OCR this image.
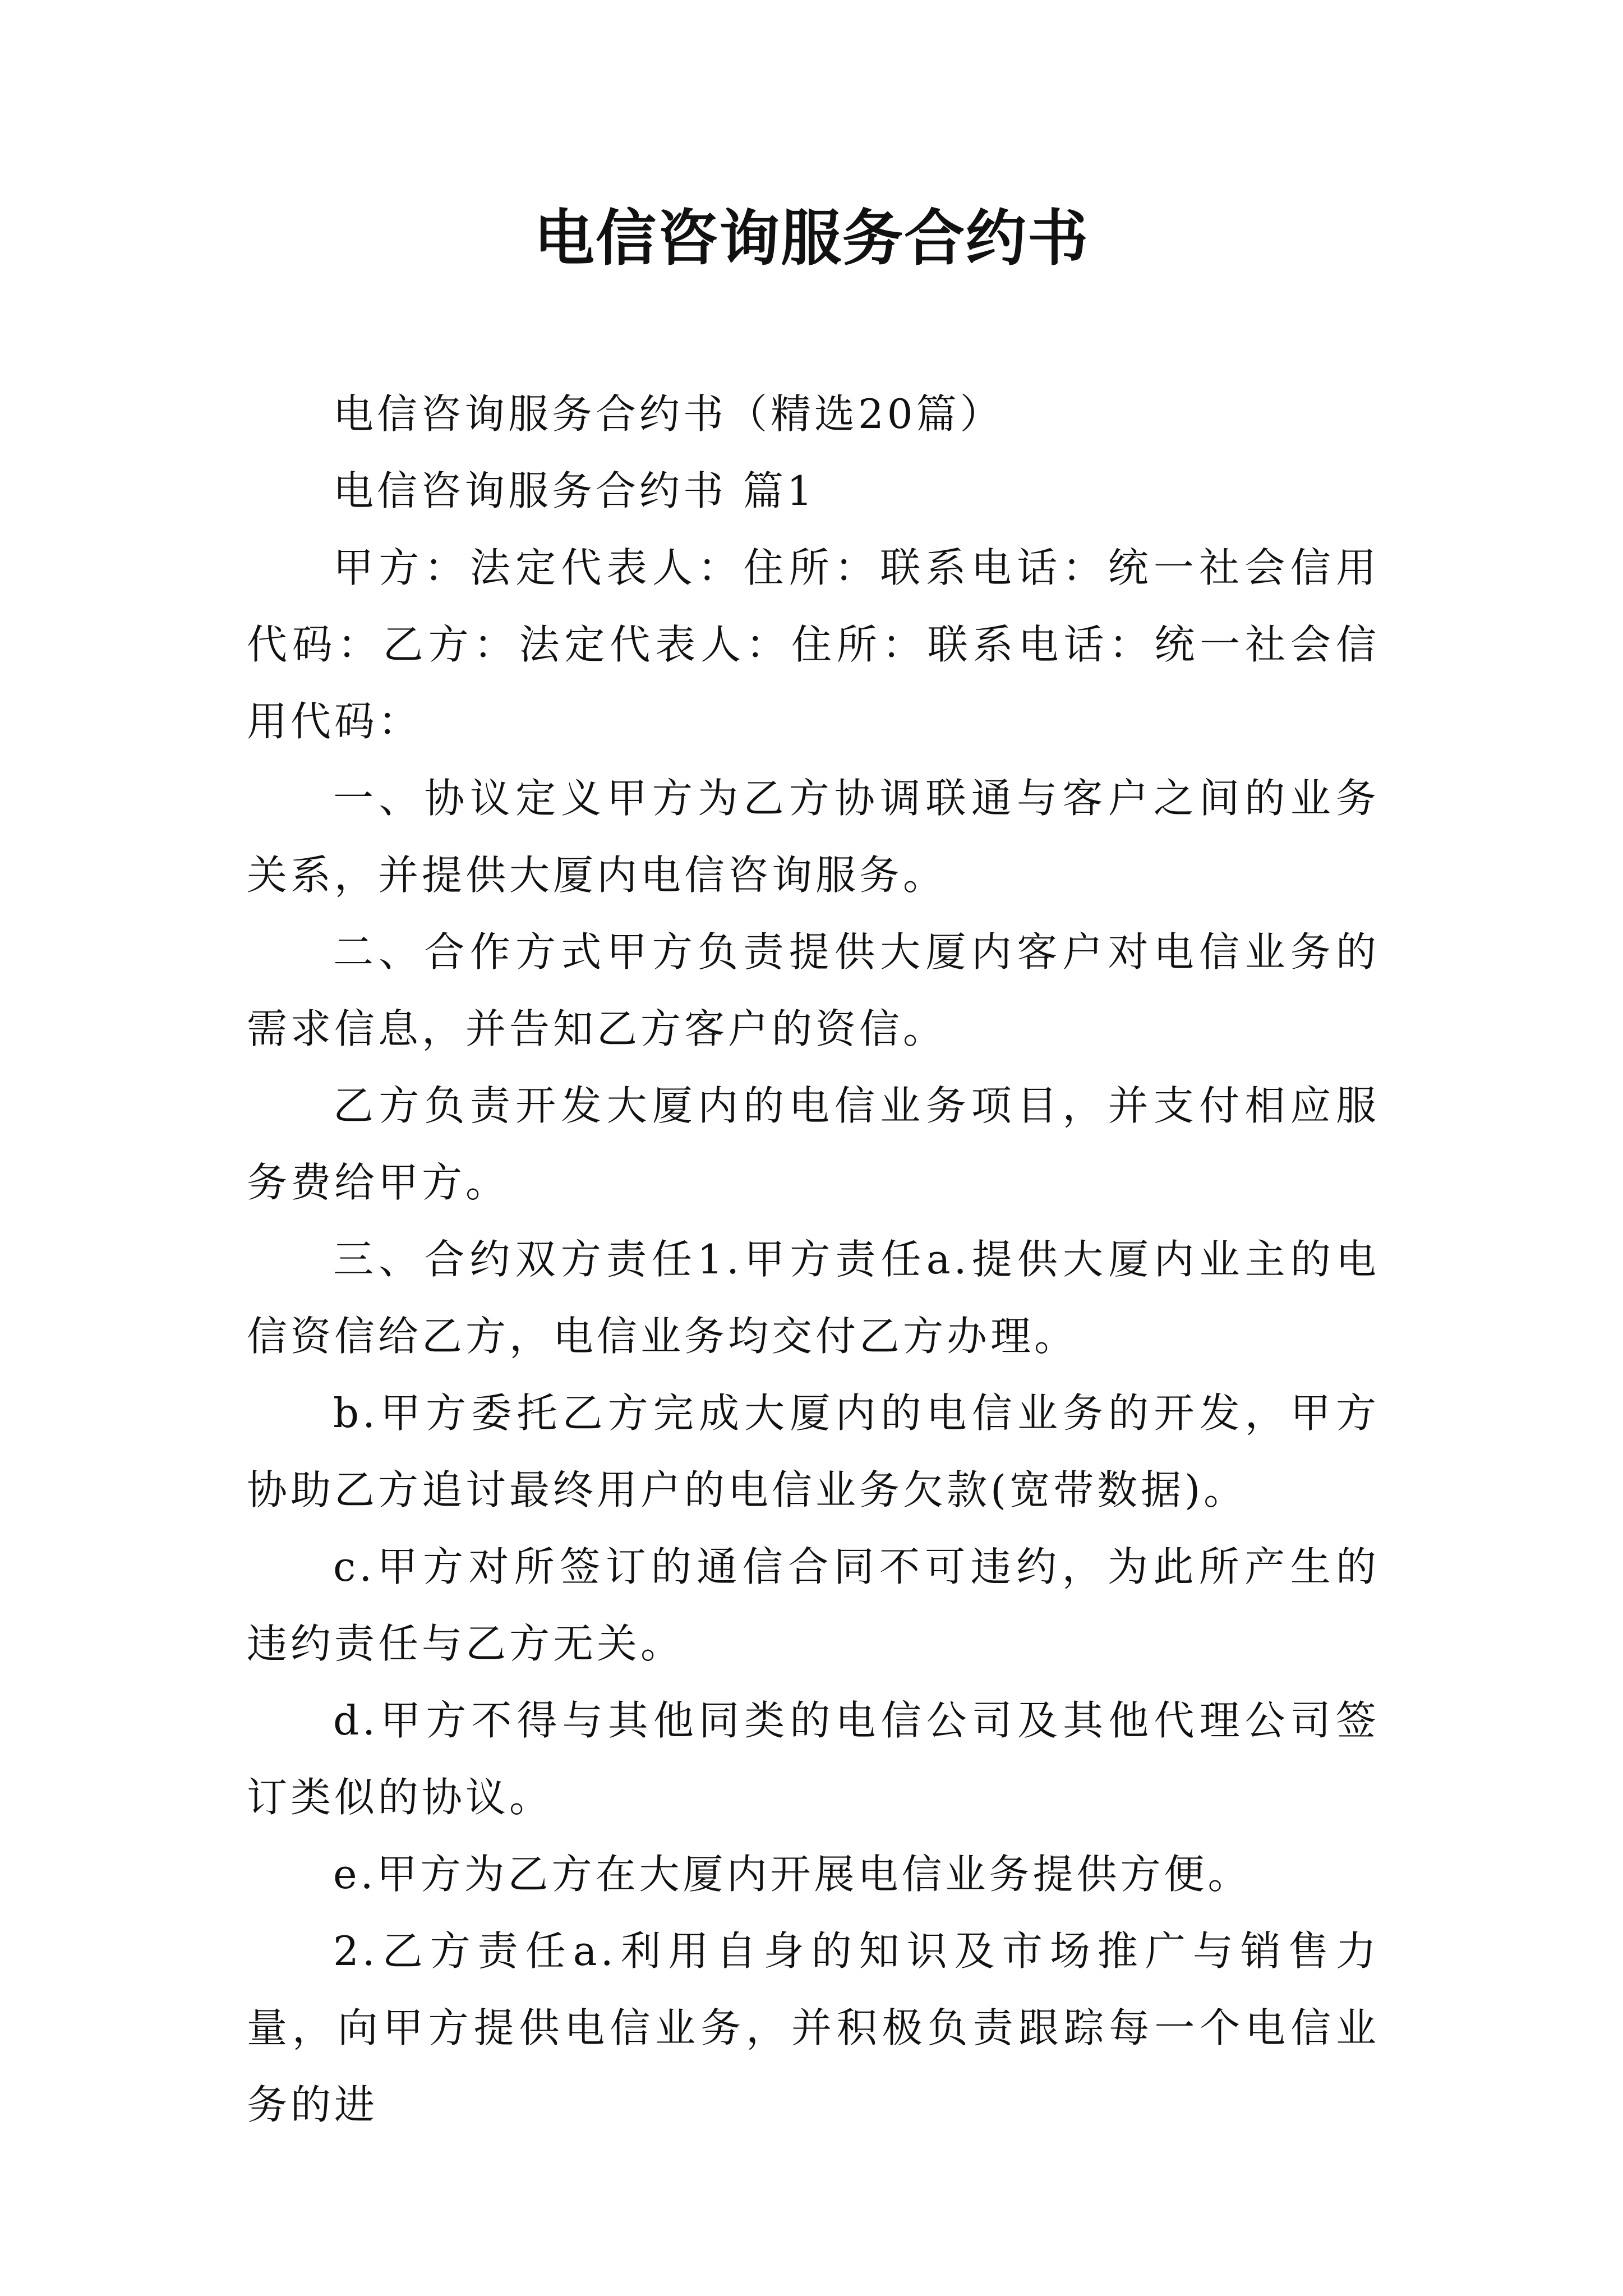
电信咨询服务合约书

电信咨询服务合约书（精选20篇）

电信咨询服务合约书 篇1

甲方：法定代表人：住所：联系电话：统一社会信用代码：乙方：法定代表人：住所：联系电话：统一社会信用代码：

一、协议定义甲方为乙方协调联通与客户之间的业务关系，并提供大厦内电信咨询服务。

二、合作方式甲方负责提供大厦内客户对电信业务的需求信息，并告知乙方客户的资信。

乙方负责开发大厦内的电信业务项目，并支付相应服务费给甲方。

三、合约双方责任1.甲方责任a.提供大厦内业主的电信资信给乙方，电信业务均交付乙方办理。

b.甲方委托乙方完成大厦内的电信业务的开发，甲方协助乙方追讨最终用户的电信业务欠款(宽带数据)。

c.甲方对所签订的通信合同不可违约，为此所产生的违约责任与乙方无关。

d.甲方不得与其他同类的电信公司及其他代理公司签订类似的协议。

e.甲方为乙方在大厦内开展电信业务提供方便。

2.乙方责任a.利用自身的知识及市场推广与销售力量，向甲方提供电信业务，并积极负责跟踪每一个电信业务的进
